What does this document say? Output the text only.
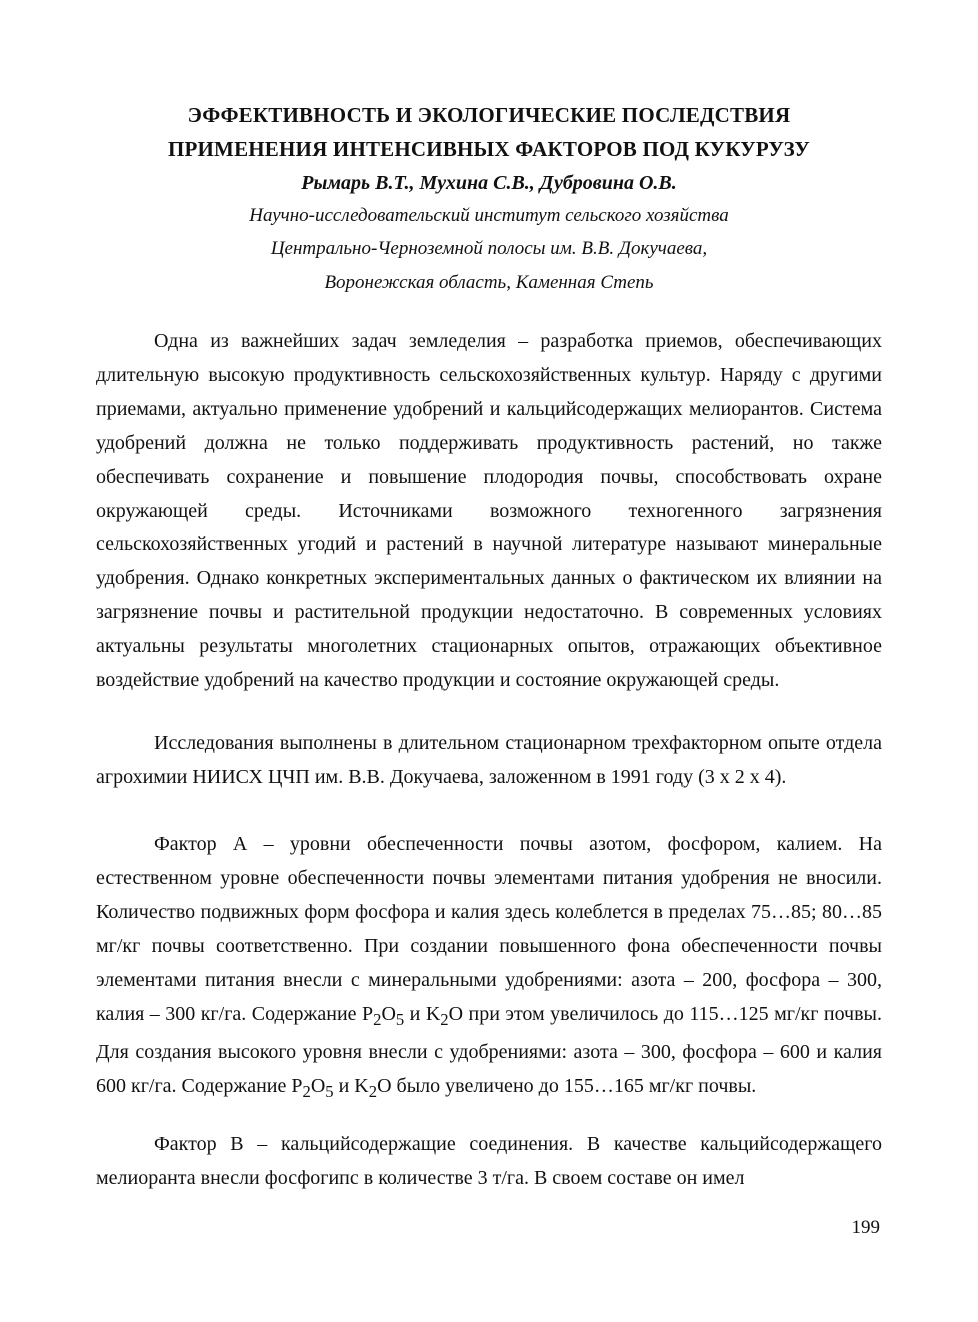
ЭФФЕКТИВНОСТЬ И ЭКОЛОГИЧЕСКИЕ ПОСЛЕДСТВИЯ
ПРИМЕНЕНИЯ ИНТЕНСИВНЫХ ФАКТОРОВ ПОД КУКУРУЗУ

Рымарь В.Т., Мухина С.В., Дубровина О.В.

Научно-исследовательский институт сельского хозяйства

Центрально-Черноземной полосы им. В.В. Докучаева,

Воронежская область, Каменная Степь

Одна из важнейших задач земледелия – разработка приемов, обеспечивающих длительную высокую продуктивность сельскохозяйственных культур. Наряду с другими приемами, актуально применение удобрений и кальцийсодержащих мелиорантов. Система удобрений должна не только поддерживать продуктивность растений, но также обеспечивать сохранение и повышение плодородия почвы, способствовать охране окружающей среды. Источниками возможного техногенного загрязнения сельскохозяйственных угодий и растений в научной литературе называют минеральные удобрения. Однако конкретных экспериментальных данных о фактическом их влиянии на загрязнение почвы и растительной продукции недостаточно. В современных условиях актуальны результаты многолетних стационарных опытов, отражающих объективное воздействие удобрений на качество продукции и состояние окружающей среды.

Исследования выполнены в длительном стационарном трехфакторном опыте отдела агрохимии НИИСХ ЦЧП им. В.В. Докучаева, заложенном в 1991 году (3 х 2 х 4).

Фактор А – уровни обеспеченности почвы азотом, фосфором, калием. На естественном уровне обеспеченности почвы элементами питания удобрения не вносили. Количество подвижных форм фосфора и калия здесь колеблется в пределах 75…85; 80…85 мг/кг почвы соответственно. При создании повышенного фона обеспеченности почвы элементами питания внесли с минеральными удобрениями: азота – 200, фосфора – 300, калия – 300 кг/га. Содержание $P_2O_5$ и $K_2O$ при этом увеличилось до 115…125 мг/кг почвы. Для создания высокого уровня внесли с удобрениями: азота – 300, фосфора – 600 и калия 600 кг/га. Содержание $P_2O_5$ и $K_2O$ было увеличено до 155…165 мг/кг почвы.

Фактор В – кальцийсодержащие соединения. В качестве кальцийсодержащего мелиоранта внесли фосфогипс в количестве 3 т/га. В своем составе он имел

199
